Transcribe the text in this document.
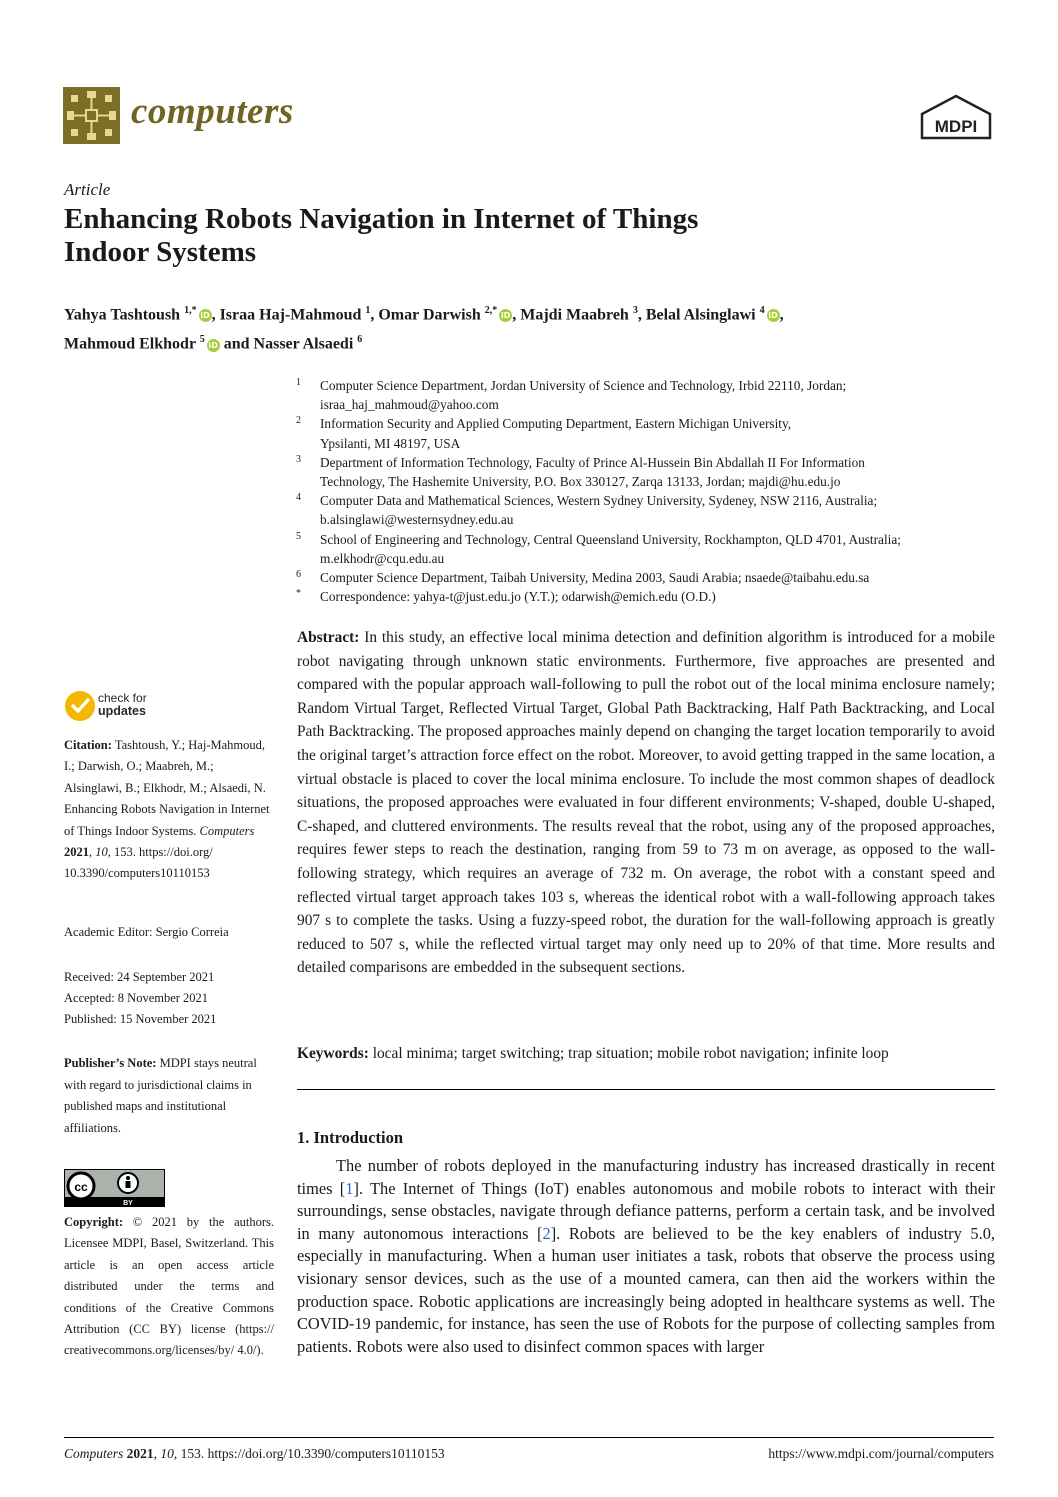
computers	MDPI
Article
Enhancing Robots Navigation in Internet of Things
Indoor Systems
Yahya Tashtoush $^{1,*}$ iD , Israa Haj-Mahmoud $^1$, Omar Darwish $^{2,*}$ iD , Majdi Maabreh $^3$, Belal Alsinglawi $^4$ iD ,
Mahmoud Elkhodr $^5$ iD and Nasser Alsaedi $^6$
1 Computer Science Department, Jordan University of Science and Technology, Irbid 22110, Jordan;
israa_haj_mahmoud@yahoo.com
2 Information Security and Applied Computing Department, Eastern Michigan University,
Ypsilanti, MI 48197, USA
3 Department of Information Technology, Faculty of Prince Al-Hussein Bin Abdallah II For Information
Technology, The Hashemite University, P.O. Box 330127, Zarqa 13133, Jordan; majdi@hu.edu.jo
4 Computer Data and Mathematical Sciences, Western Sydney University, Sydeney, NSW 2116, Australia;
b.alsinglawi@westernsydney.edu.au
5 School of Engineering and Technology, Central Queensland University, Rockhampton, QLD 4701, Australia;
m.elkhodr@cqu.edu.au
6 Computer Science Department, Taibah University, Medina 2003, Saudi Arabia; nsaede@taibahu.edu.sa
* Correspondence: yahya-t@just.edu.jo (Y.T.); odarwish@emich.edu (O.D.)
Abstract: In this study, an effective local minima detection and definition algorithm is introduced for a mobile robot navigating through unknown static environments. Furthermore, five approaches are presented and compared with the popular approach wall-following to pull the robot out of the local minima enclosure namely; Random Virtual Target, Reflected Virtual Target, Global Path Backtracking, Half Path Backtracking, and Local Path Backtracking. The proposed approaches mainly depend on changing the target location temporarily to avoid the original target’s attraction force effect on the robot. Moreover, to avoid getting trapped in the same location, a virtual obstacle is placed to cover the local minima enclosure. To include the most common shapes of deadlock situations, the proposed approaches were evaluated in four different environments; V-shaped, double U-shaped, C-shaped, and cluttered environments. The results reveal that the robot, using any of the proposed approaches, requires fewer steps to reach the destination, ranging from 59 to 73 m on average, as opposed to the wall-following strategy, which requires an average of 732 m. On average, the robot with a constant speed and reflected virtual target approach takes 103 s, whereas the identical robot with a wall-following approach takes 907 s to complete the tasks. Using a fuzzy-speed robot, the duration for the wall-following approach is greatly reduced to 507 s, while the reflected virtual target may only need up to 20% of that time. More results and detailed comparisons are embedded in the subsequent sections.
Keywords: local minima; target switching; trap situation; mobile robot navigation; infinite loop
1. Introduction
The number of robots deployed in the manufacturing industry has increased drastically in recent times [1]. The Internet of Things (IoT) enables autonomous and mobile robots to interact with their surroundings, sense obstacles, navigate through defiance patterns, perform a certain task, and be involved in many autonomous interactions [2]. Robots are believed to be the key enablers of industry 5.0, especially in manufacturing. When a human user initiates a task, robots that observe the process using visionary sensor devices, such as the use of a mounted camera, can then aid the workers within the production space. Robotic applications are increasingly being adopted in healthcare systems as well. The COVID-19 pandemic, for instance, has seen the use of Robots for the purpose of collecting samples from patients. Robots were also used to disinfect common spaces with larger
check for
updates
Citation: Tashtoush, Y.; Haj-Mahmoud, I.; Darwish, O.; Maabreh, M.; Alsinglawi, B.; Elkhodr, M.; Alsaedi, N. Enhancing Robots Navigation in Internet of Things Indoor Systems. Computers 2021, 10, 153. https://doi.org/ 10.3390/computers10110153
Academic Editor: Sergio Correia
Received: 24 September 2021
Accepted: 8 November 2021
Published: 15 November 2021
Publisher’s Note: MDPI stays neutral with regard to jurisdictional claims in published maps and institutional affiliations.
cc
BY
Copyright: © 2021 by the authors. Licensee MDPI, Basel, Switzerland. This article is an open access article distributed under the terms and conditions of the Creative Commons Attribution (CC BY) license (https:// creativecommons.org/licenses/by/ 4.0/).
Computers 2021, 10, 153. https://doi.org/10.3390/computers10110153	https://www.mdpi.com/journal/computers
